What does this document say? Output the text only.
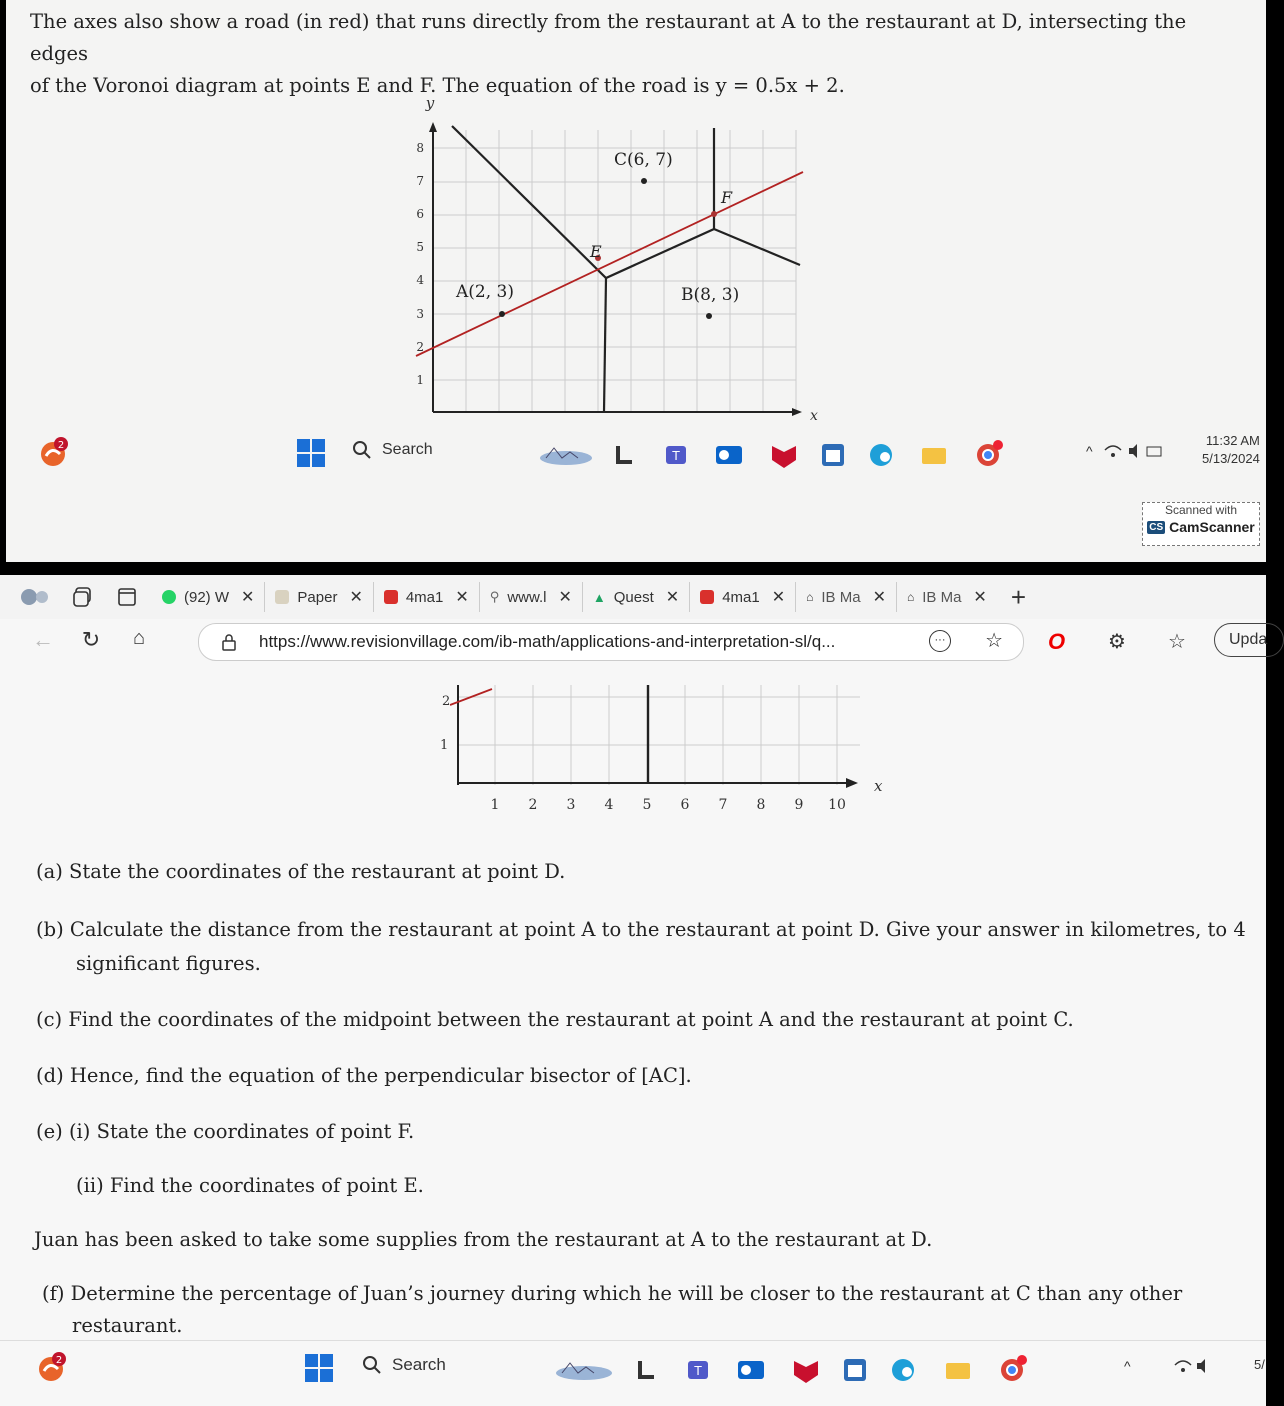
The axes also show a road (in red) that runs directly from the restaurant at A to the restaurant at D, intersecting the edges
of the Voronoi diagram at points E and F. The equation of the road is y = 0.5x + 2.
y
x
8
7
6
5
4
3
2
1
E
F
A(2, 3)	B(8, 3)
C(6, 7)
2	Search	T	^
11:32 AM
5/13/2024
Scanned with
CS CamScanner
(92) W ✕	Paper ✕	4ma1 ✕ ⚲ www.l ✕ ▲ Quest ✕	4ma1 ✕ ⌂ IB Ma ✕ ⌂ IB Ma ✕ +
←	↻	⌂	https://www.revisionvillage.com/ib-math/applications-and-interpretation-sl/q...	··· ☆ O ⚙ ☆	Upda
2
1
x
1 2 3 4 5 6 7 8 9 10
(a) State the coordinates of the restaurant at point D.
(b) Calculate the distance from the restaurant at point A to the restaurant at point D. Give your answer in kilometres, to 4
significant figures.
(c) Find the coordinates of the midpoint between the restaurant at point A and the restaurant at point C.
(d) Hence, find the equation of the perpendicular bisector of [AC].
(e) (i) State the coordinates of point F.
(ii) Find the coordinates of point E.
Juan has been asked to take some supplies from the restaurant at A to the restaurant at D.
(f) Determine the percentage of Juan’s journey during which he will be closer to the restaurant at C than any other
restaurant.
2	Search	T	^	5/
